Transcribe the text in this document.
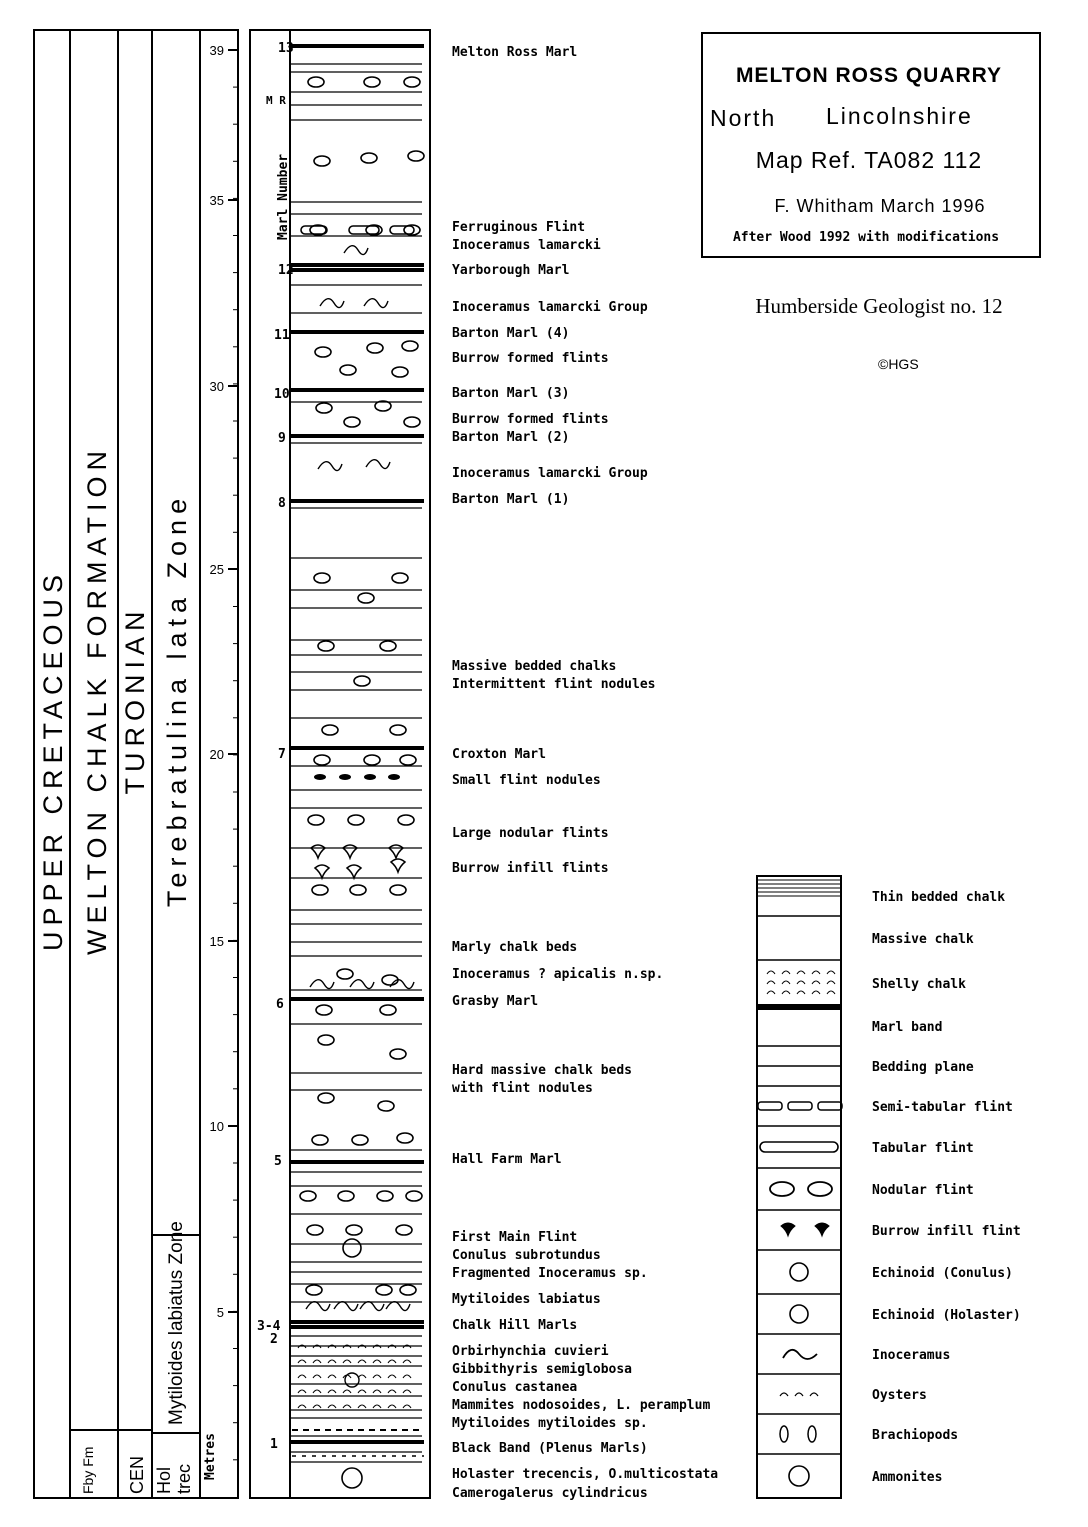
UPPER CRETACEOUS WELTON CHALK FORMATION TURONIAN Terebratulina lata Zone
Fby Fm CEN
Mytiloides labiatus Zone
Hol trec
39
35
30
25
20
15
10
5
Metres
Marl Number
13
M R
12
11
10
9
8
7
6
5
3-4
2
1
Melton Ross Marl
Ferruginous Flint
Inoceramus lamarcki
Yarborough Marl
Inoceramus lamarcki Group
Barton Marl (4)
Burrow formed flints
Barton Marl (3)
Burrow formed flints
Barton Marl (2)
Inoceramus lamarcki Group
Barton Marl (1)
Massive bedded chalks
Intermittent flint nodules
Croxton Marl
Small flint nodules
Large nodular flints
Burrow infill flints
Marly chalk beds
Inoceramus ? apicalis n.sp.
Grasby Marl
Hard massive chalk beds
with flint nodules
Hall Farm Marl
First Main Flint
Conulus subrotundus
Fragmented Inoceramus sp.
Mytiloides labiatus
Chalk Hill Marls
Orbirhynchia cuvieri
Gibbithyris semiglobosa
Conulus castanea
Mammites nodosoides, L. peramplum
Mytiloides mytiloides sp.
Black Band (Plenus Marls)
Holaster trecencis, O.multicostata
Camerogalerus cylindricus
MELTON ROSS QUARRY
North Lincolnshire
Map Ref. TA082 112
F. Whitham March 1996
After Wood 1992 with modifications
Humberside Geologist no. 12
©HGS
Thin bedded chalk
Massive chalk
Shelly chalk
Marl band
Bedding plane
Semi-tabular flint
Tabular flint
Nodular flint
Burrow infill flint
Echinoid (Conulus)
Echinoid (Holaster)
Inoceramus
Oysters
Brachiopods
Ammonites
